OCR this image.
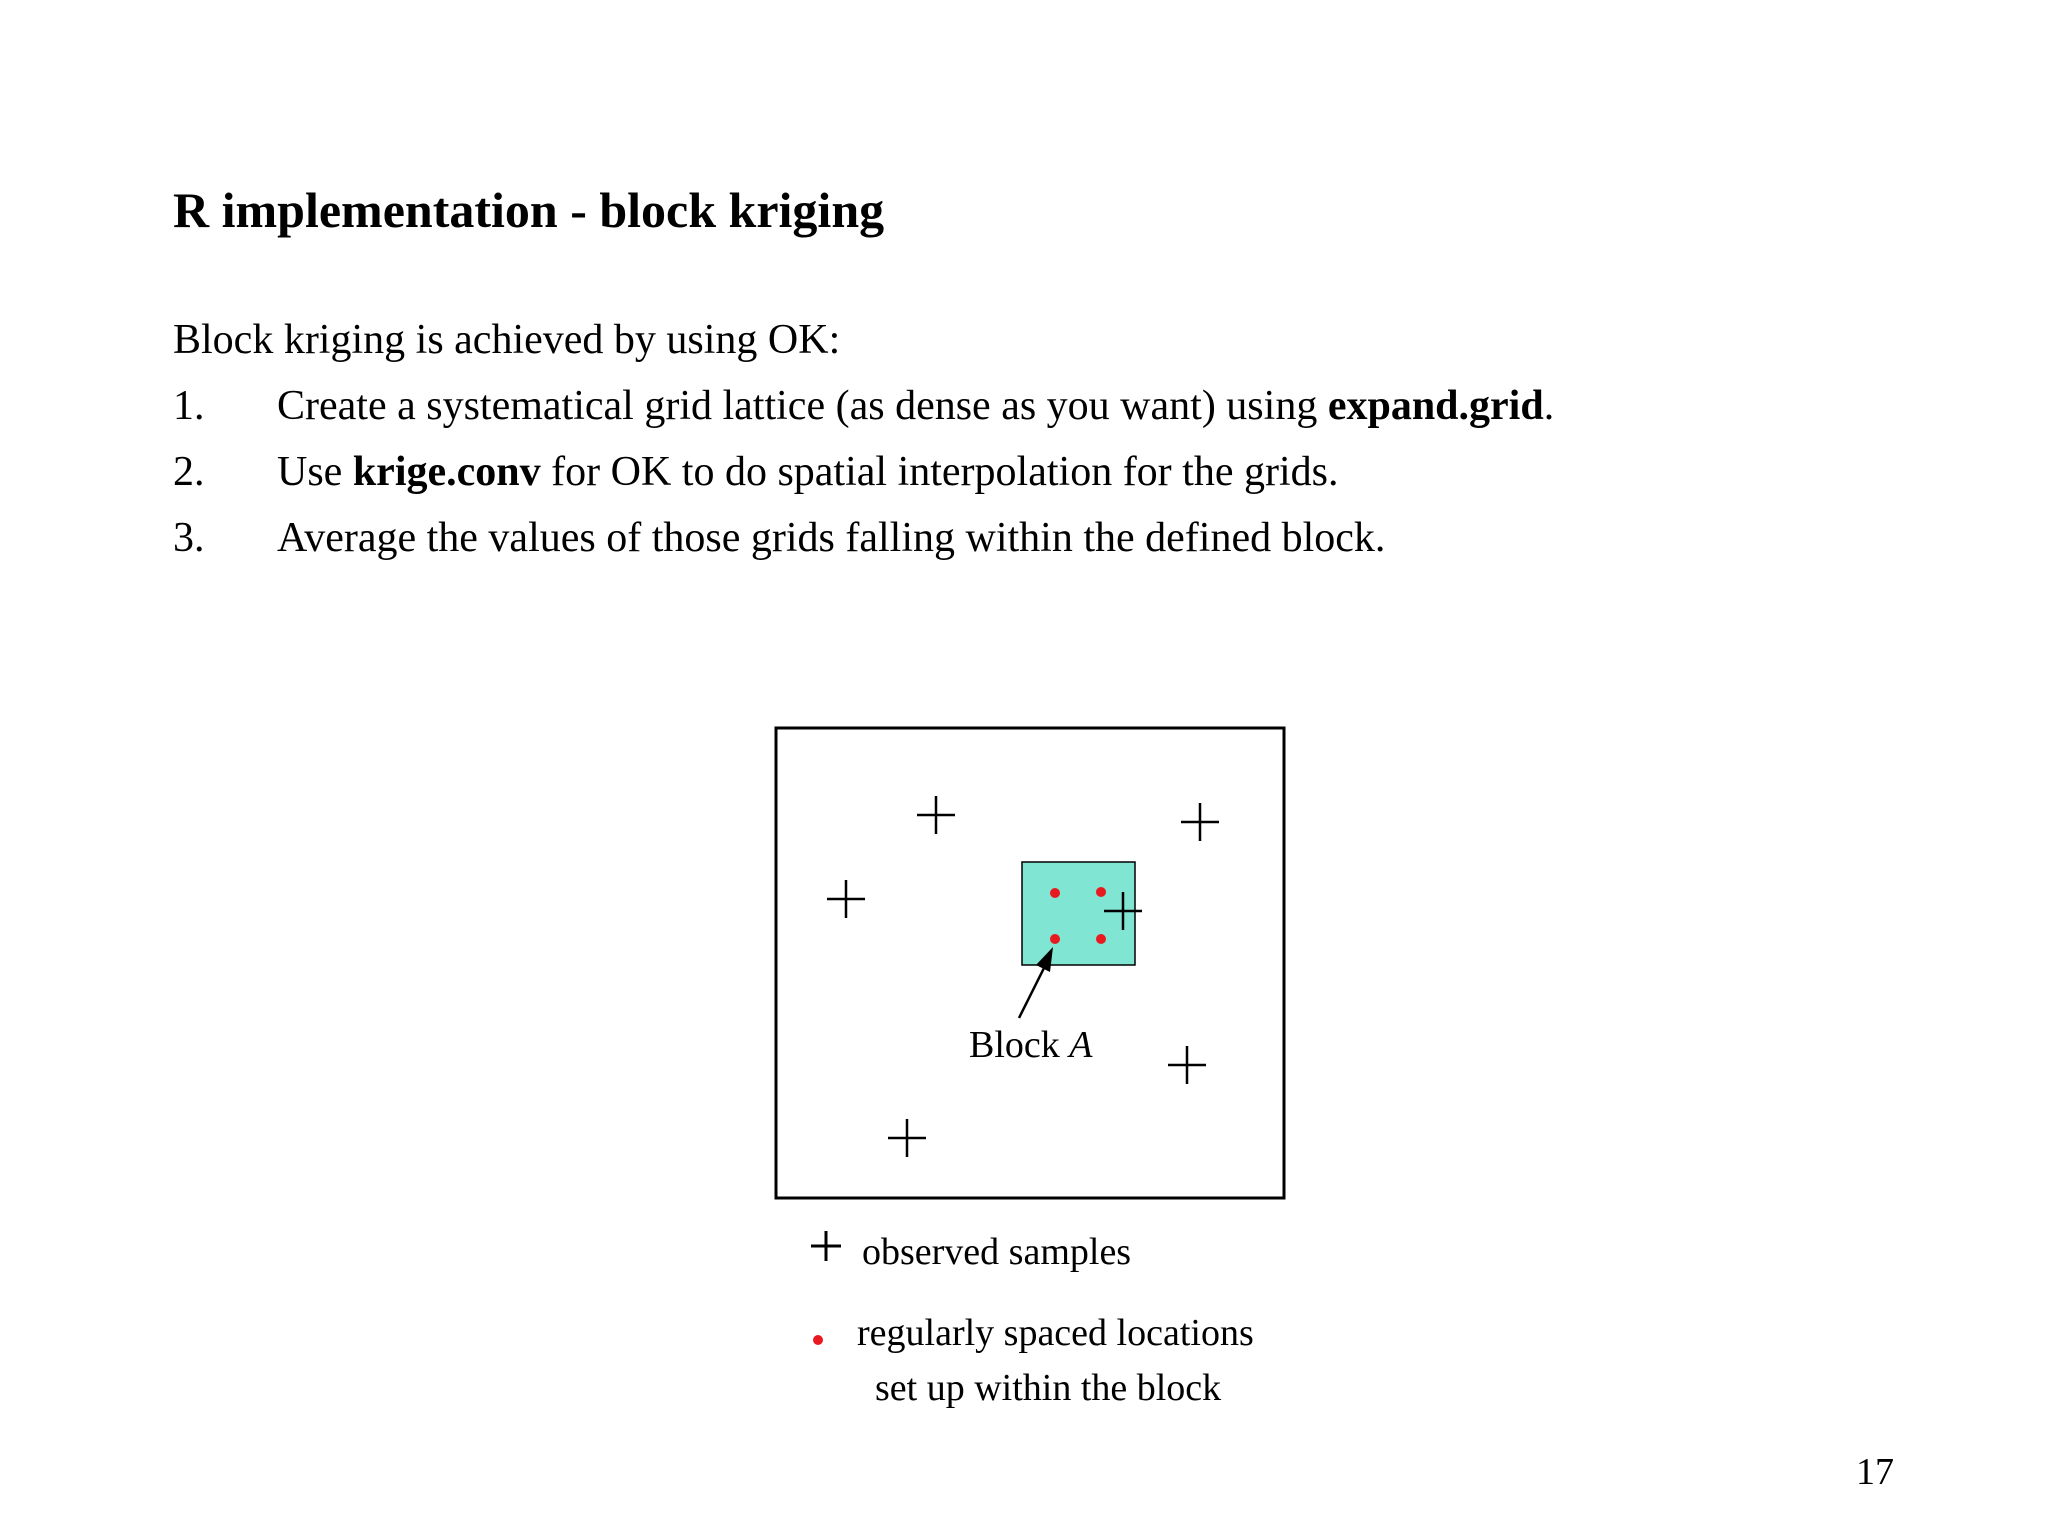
R implementation - block kriging

Block kriging is achieved by using OK:

1. Create a systematical grid lattice (as dense as you want) using expand.grid.
2. Use krige.conv for OK to do spatial interpolation for the grids.
3. Average the values of those grids falling within the defined block.
Block A
observed samples
regularly spaced locations
set up within the block
17
